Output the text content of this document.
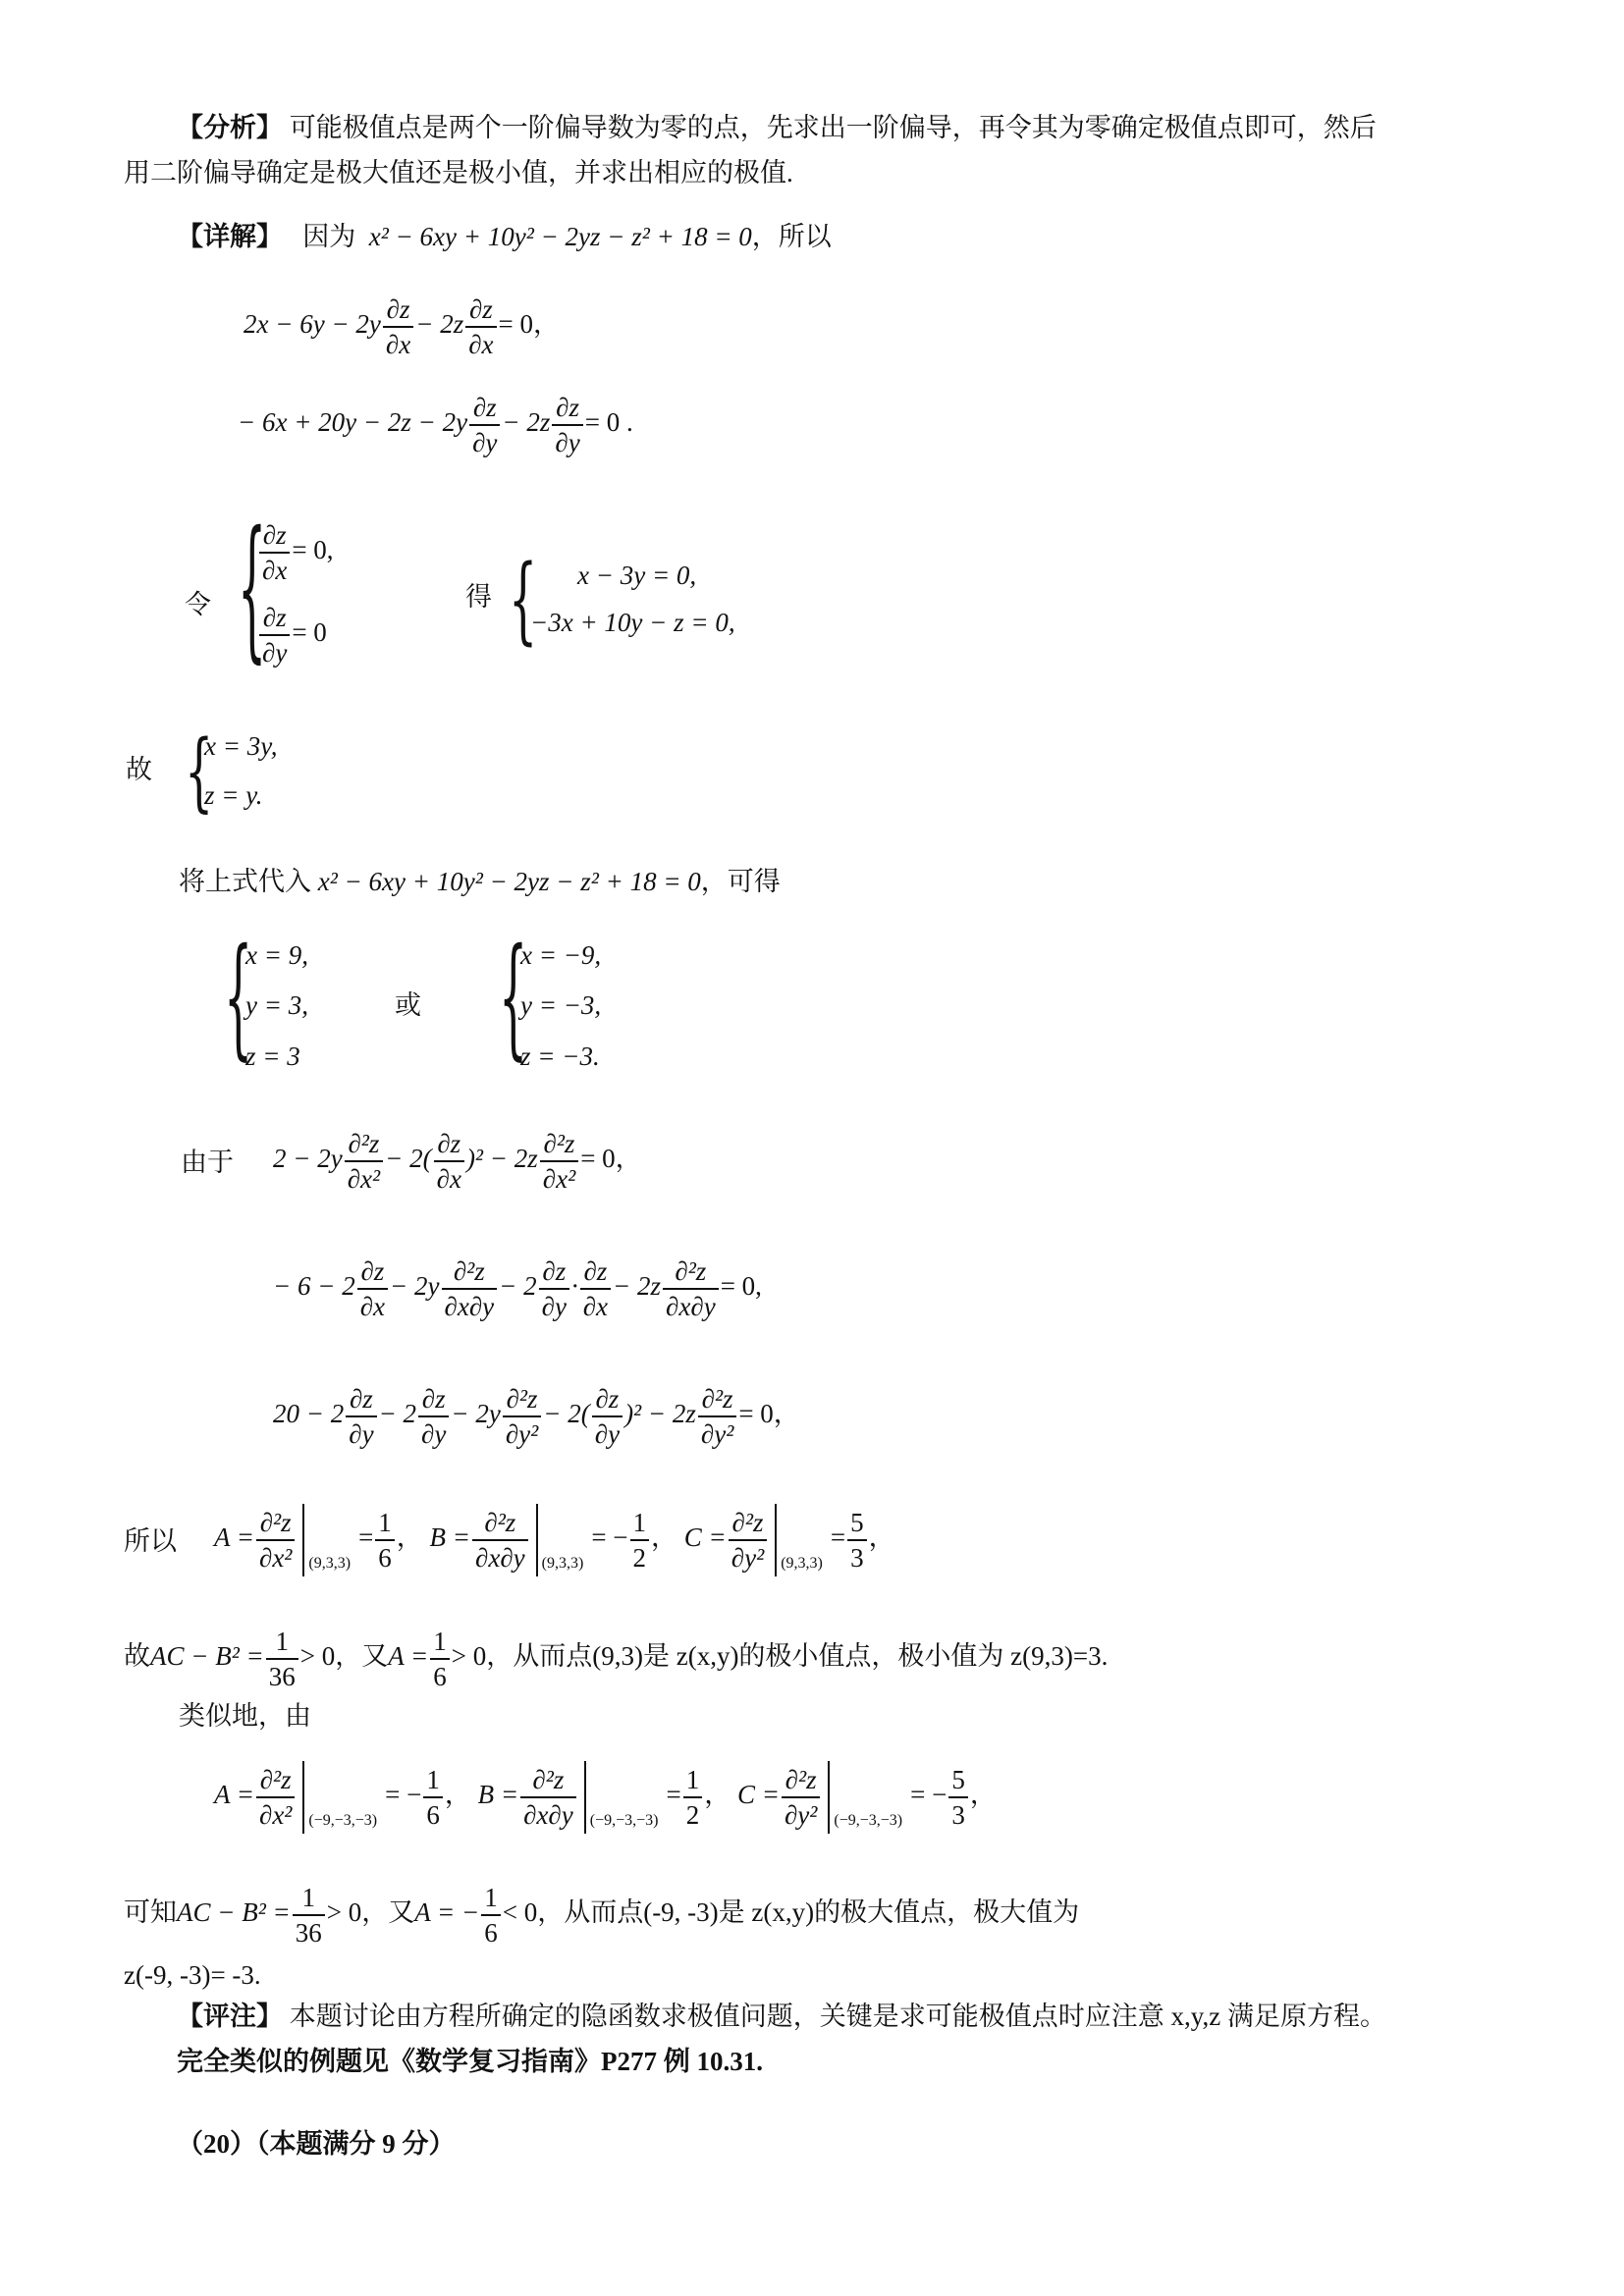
【分析】 可能极值点是两个一阶偏导数为零的点，先求出一阶偏导，再令其为零确定极值点即可，然后
用二阶偏导确定是极大值还是极小值，并求出相应的极值.
【详解】 因为 x² − 6xy + 10y² − 2yz − z² + 18 = 0，所以
$2x - 6y - 2y \frac{\partial z}{\partial x} - 2z \frac{\partial z}{\partial x} = 0$，
− $6x + 20y - 2z - 2y \frac{\partial z}{\partial y} - 2z \frac{\partial z}{\partial y} = 0$ .
令 {
$\frac{\partial z}{\partial x} = 0$,
$\frac{\partial z}{\partial y} = 0$
得 { x − 3y = 0,
−3x + 10y − z = 0,
故 {
x = 3y,
z = y.
将上式代入 x² − 6xy + 10y² − 2yz − z² + 18 = 0，可得
{
x = 9,
y = 3,
z = 3
或 {
x = −9,
y = −3,
z = −3.
由于 $2 - 2y \frac{\text{∂²z}}{\text{∂x²}} - 2( \frac{\partial z}{\partial x} )^2 - 2z \frac{\text{∂²z}}{\text{∂x²}} = 0$，
− $6 - 2 \frac{\partial z}{\partial x} - 2y \frac{\text{∂²z}}{\partial x\partial y} - 2 \frac{\partial z}{\partial y} \cdot \frac{\partial z}{\partial x} - 2z \frac{\text{∂²z}}{\partial x\partial y} = 0$,
$20 - 2 \frac{\partial z}{\partial y} - 2 \frac{\partial z}{\partial y} - 2y \frac{\text{∂²z}}{\text{∂y²}} - 2( \frac{\partial z}{\partial y} )^2 - 2z \frac{\text{∂²z}}{\text{∂y²}} = 0$，
所以 $A = \frac{\text{∂²z}}{\text{∂x²}} _{(9,3,3)}= \frac{1}{6}$ ， $B = \frac{\text{∂²z}}{\partial x\partial y} _{(9,3,3)}= - \frac{1}{2}$ ， $C = \frac{\text{∂²z}}{\text{∂y²}} _{(9,3,3)}= \frac{5}{3}$ ，
故AC − $B^2 = \frac{1}{36} > 0$，又$A = \frac{1}{6} > 0$，从而点(9,3)是 z(x,y)的极小值点，极小值为 z(9,3)=3.
类似地，由
$A = \frac{\text{∂²z}}{\text{∂x²}} _{(-9,-3,-3)}= - \frac{1}{6}$ ， $B = \frac{\text{∂²z}}{\partial x\partial y} _{(-9,-3,-3)}= \frac{1}{2}$ ， $C = \frac{\text{∂²z}}{\text{∂y²}} _{(-9,-3,-3)}= - \frac{5}{3}$ ，
可知AC − $B^2 = \frac{1}{36} > 0$，又A = − $\frac{1}{6} < 0$，从而点(-9, -3)是 z(x,y)的极大值点，极大值为
z(-9, -3)= -3.
【评注】 本题讨论由方程所确定的隐函数求极值问题，关键是求可能极值点时应注意 x,y,z 满足原方程。
完全类似的例题见《数学复习指南》P277 例 10.31.
（20）（本题满分 9 分）
